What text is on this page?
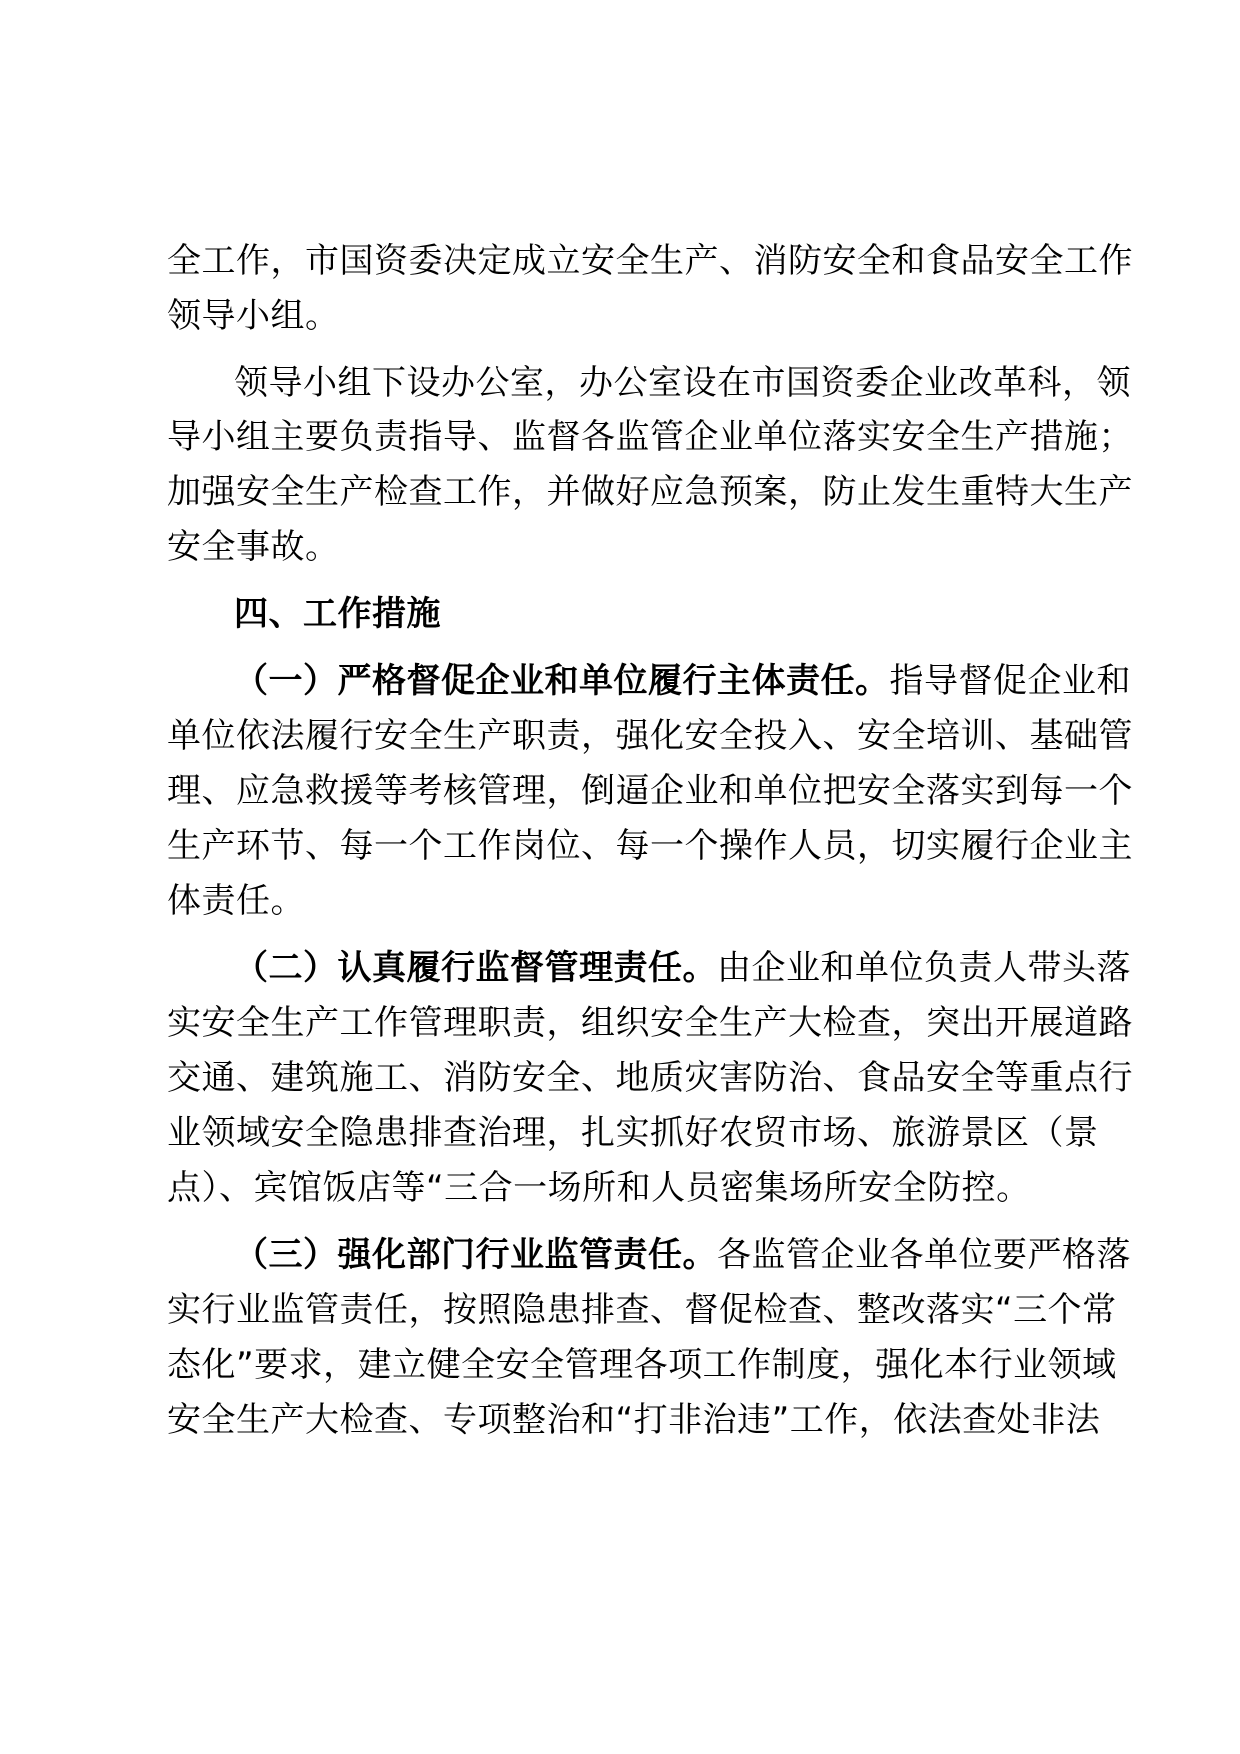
全工作，市国资委决定成立安全生产、消防安全和食品安全工作
领导小组。
领导小组下设办公室，办公室设在市国资委企业改革科，领
导小组主要负责指导、监督各监管企业单位落实安全生产措施；
加强安全生产检查工作，并做好应急预案，防止发生重特大生产
安全事故。
四、工作措施
（一）严格督促企业和单位履行主体责任。指导督促企业和
单位依法履行安全生产职责，强化安全投入、安全培训、基础管
理、应急救援等考核管理，倒逼企业和单位把安全落实到每一个
生产环节、每一个工作岗位、每一个操作人员，切实履行企业主
体责任。
（二）认真履行监督管理责任。由企业和单位负责人带头落
实安全生产工作管理职责，组织安全生产大检查，突出开展道路
交通、建筑施工、消防安全、地质灾害防治、食品安全等重点行
业领域安全隐患排查治理，扎实抓好农贸市场、旅游景区（景
点）、宾馆饭店等“三合一场所和人员密集场所安全防控。
（三）强化部门行业监管责任。各监管企业各单位要严格落
实行业监管责任，按照隐患排查、督促检查、整改落实“三个常
态化”要求，建立健全安全管理各项工作制度，强化本行业领域
安全生产大检查、专项整治和“打非治违”工作，依法查处非法
